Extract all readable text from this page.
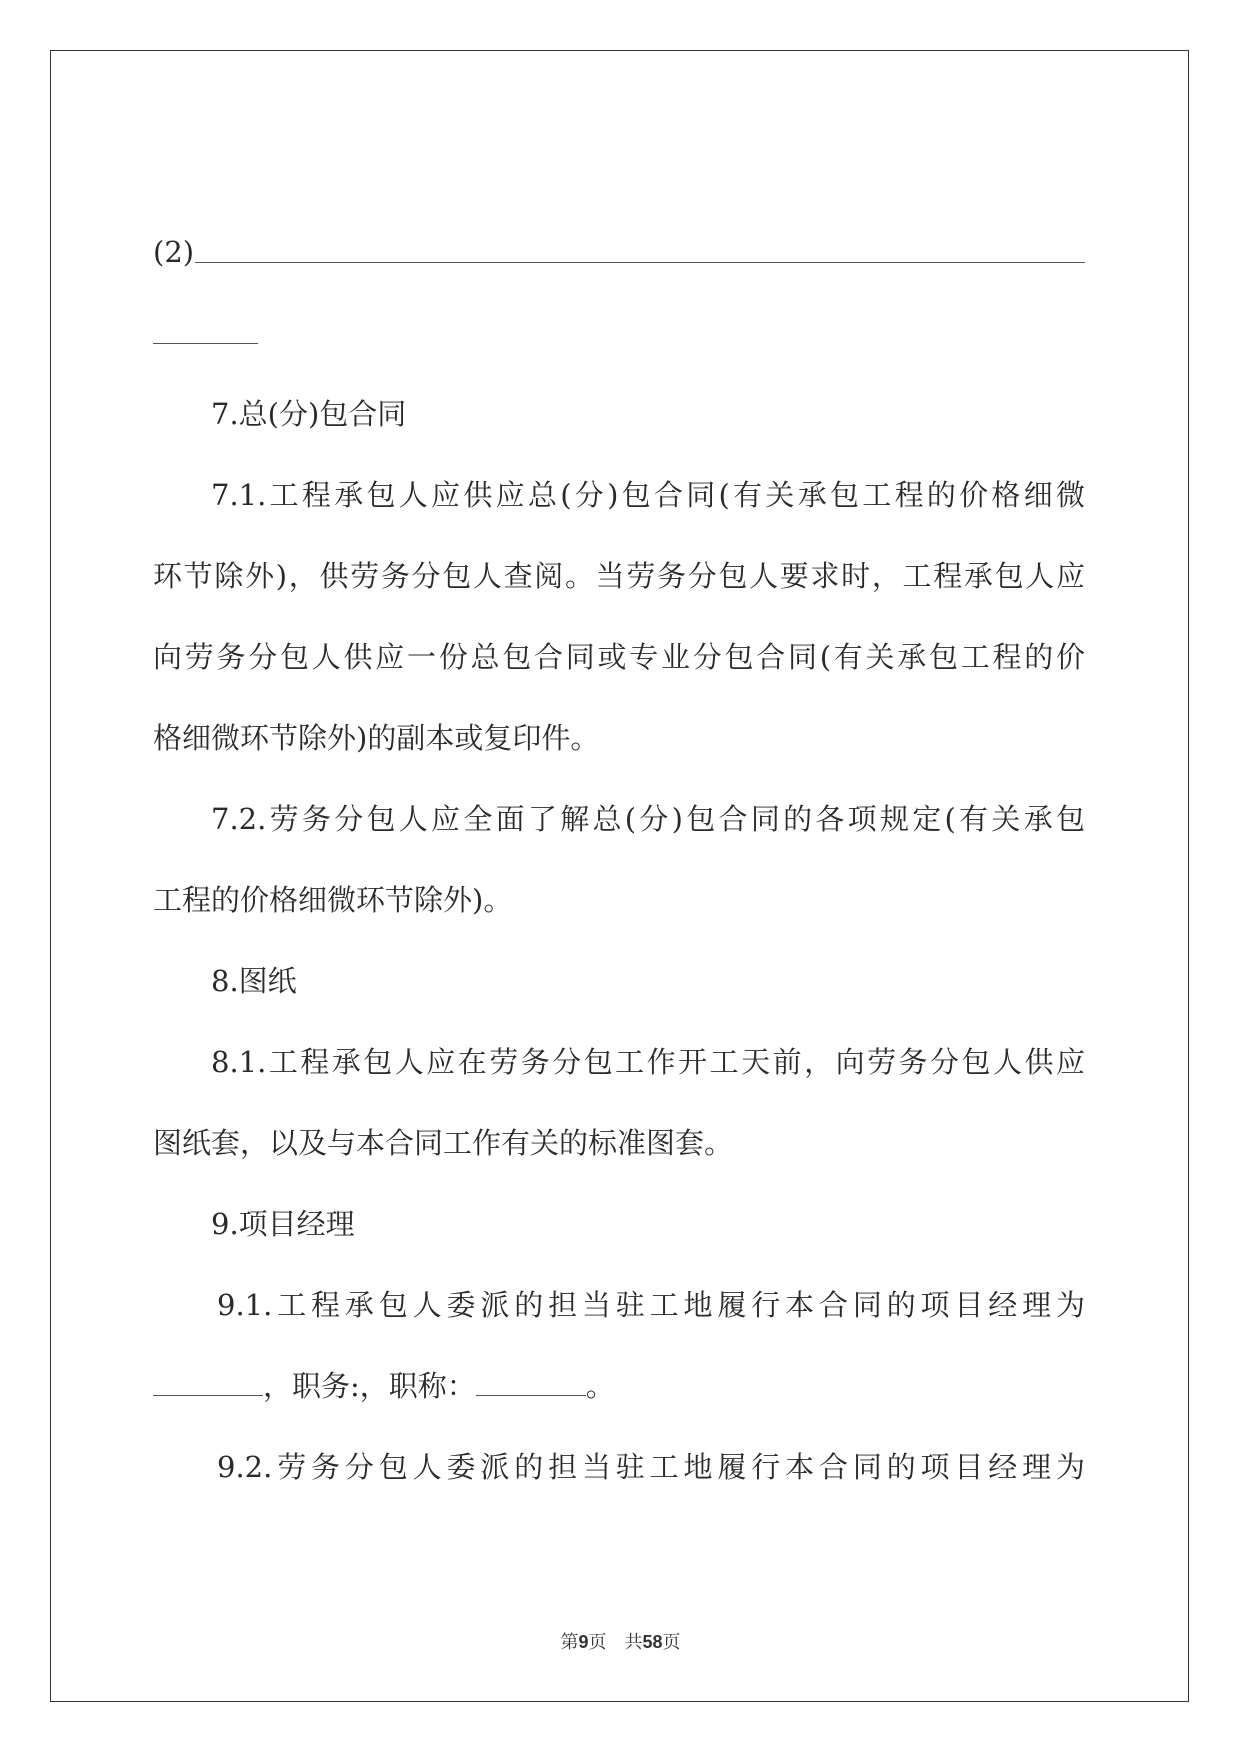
(2)
7.总(分)包合同
7.1.工程承包人应供应总(分)包合同(有关承包工程的价格细微
环节除外)，供劳务分包人查阅。当劳务分包人要求时，工程承包人应
向劳务分包人供应一份总包合同或专业分包合同(有关承包工程的价
格细微环节除外)的副本或复印件。
7.2.劳务分包人应全面了解总(分)包合同的各项规定(有关承包
工程的价格细微环节除外)。
8.图纸
8.1.工程承包人应在劳务分包工作开工天前，向劳务分包人供应
图纸套，以及与本合同工作有关的标准图套。
9.项目经理
9.1.工程承包人委派的担当驻工地履行本合同的项目经理为
，职务:，职称：	。
9.2.劳务分包人委派的担当驻工地履行本合同的项目经理为
第9页 共58页
